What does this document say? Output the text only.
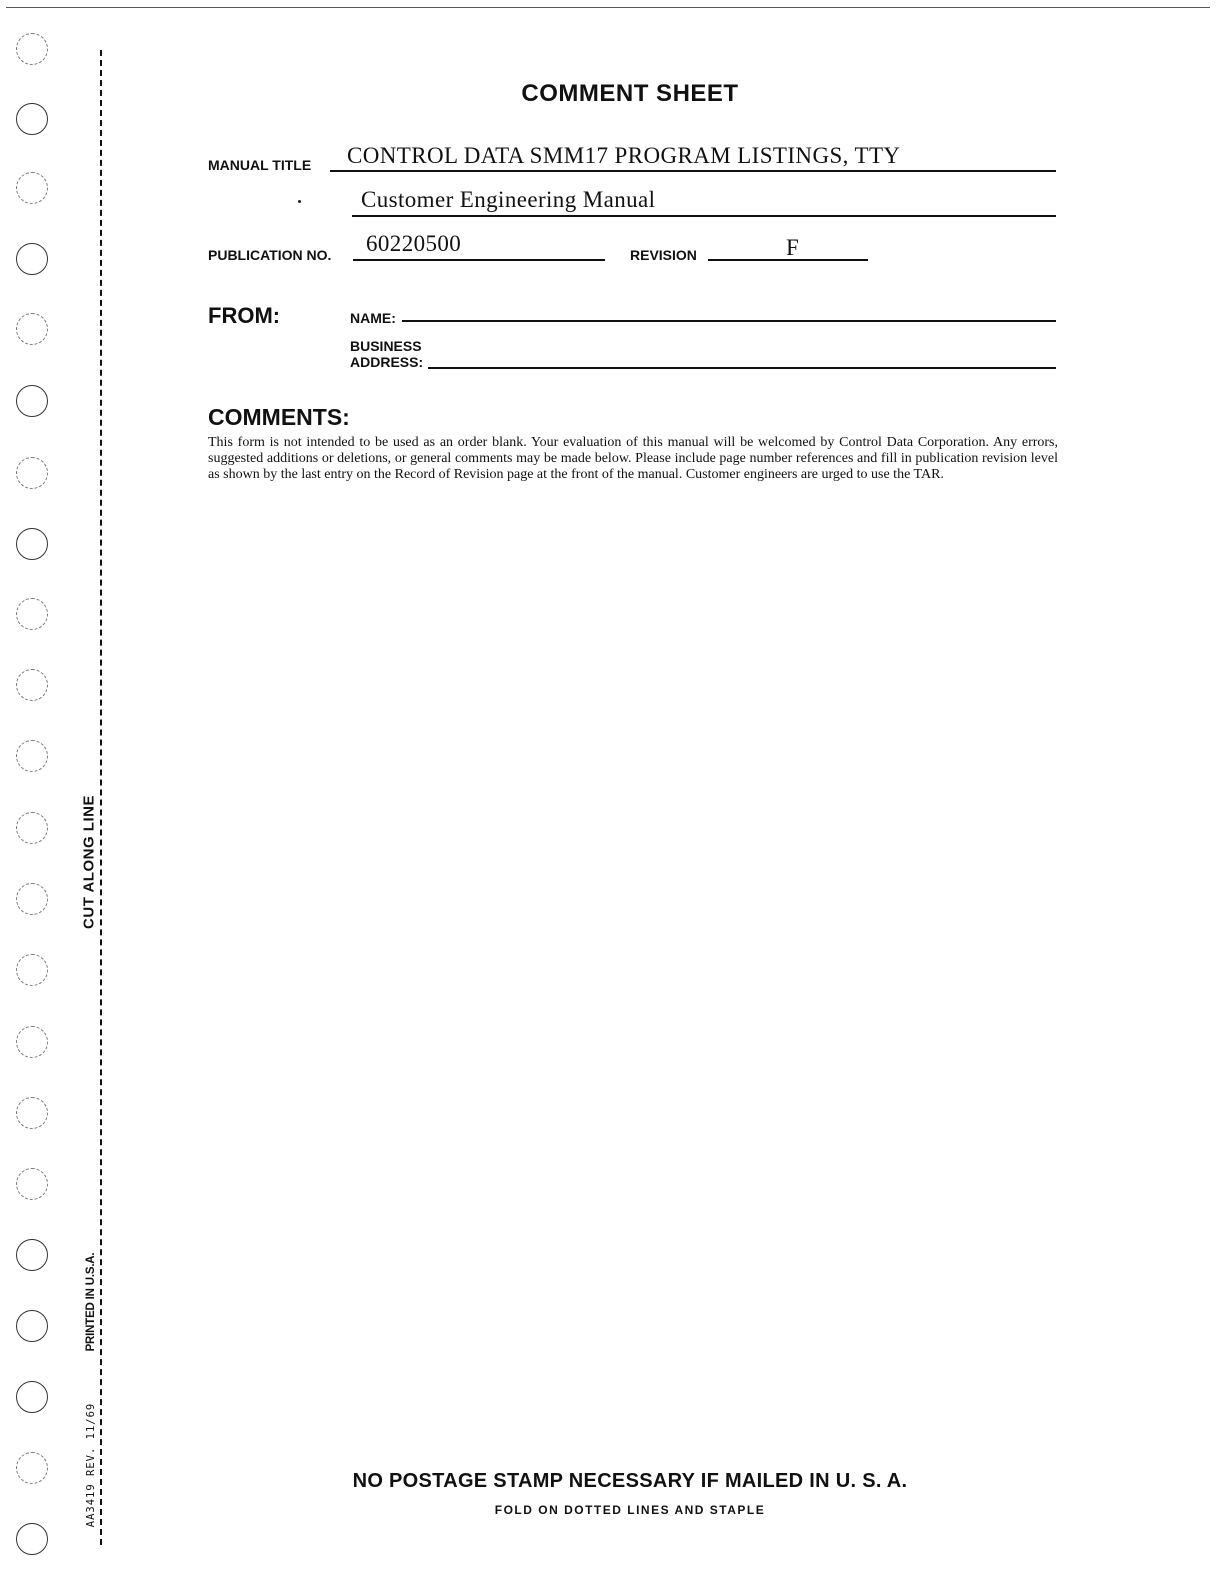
CUT ALONG LINE
PRINTED IN U.S.A.
AA3419 REV. 11/69
COMMENT SHEET
MANUAL TITLE CONTROL DATA SMM17 PROGRAM LISTINGS, TTY
Customer Engineering Manual
PUBLICATION NO. 60220500	REVISION	F
FROM:	NAME:
BUSINESS
ADDRESS:
COMMENTS:
This form is not intended to be used as an order blank. Your evaluation of this manual will be welcomed by Control Data Corporation. Any errors, suggested additions or deletions, or general comments may be made below. Please include page number references and fill in publication revision level as shown by the last entry on the Record of Revision page at the front of the manual. Customer engineers are urged to use the TAR.
NO POSTAGE STAMP NECESSARY IF MAILED IN U. S. A.
FOLD ON DOTTED LINES AND STAPLE
